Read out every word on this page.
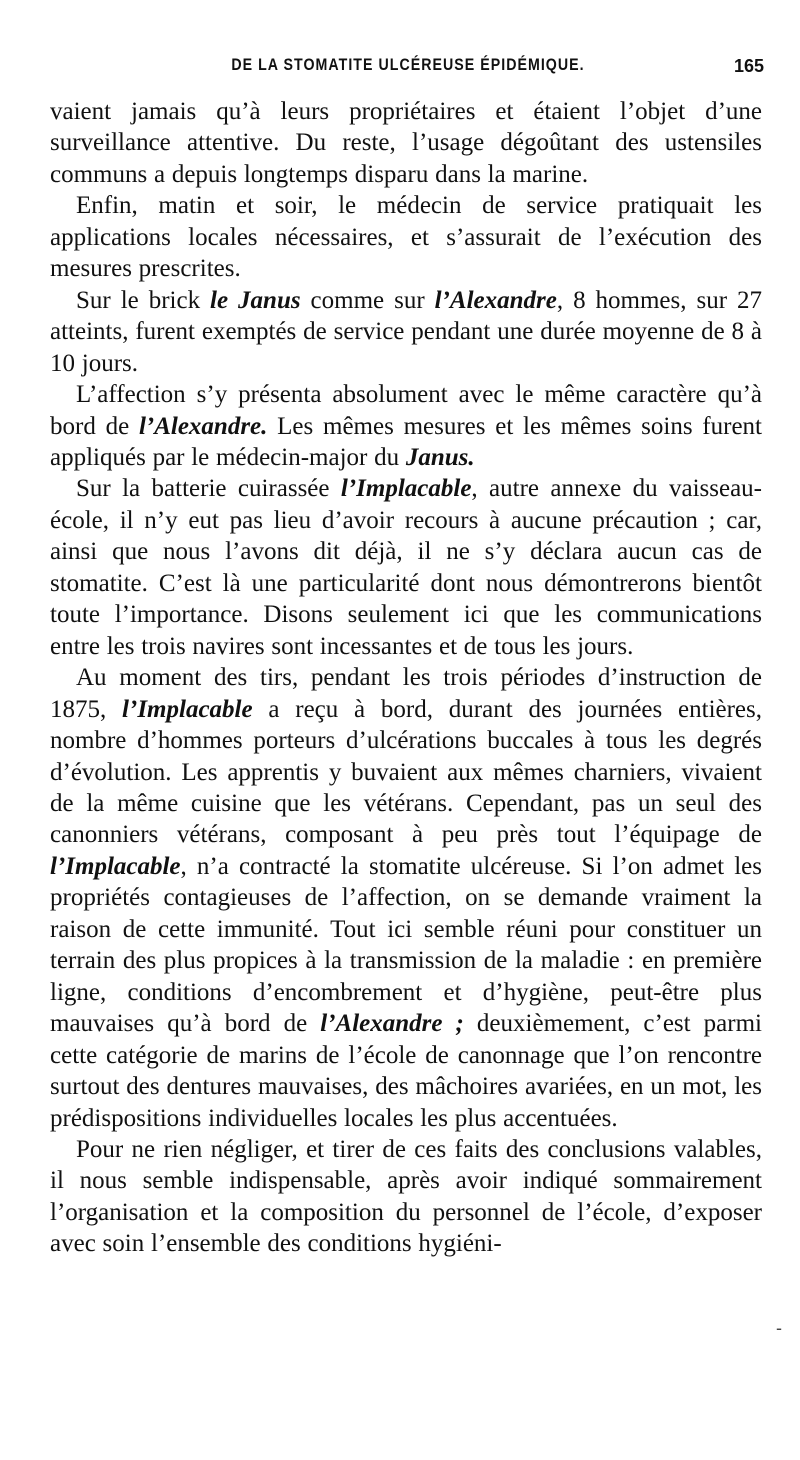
DE LA STOMATITE ULCÉREUSE ÉPIDÉMIQUE.	165

vaient jamais qu’à leurs propriétaires et étaient l’objet d’une surveillance attentive. Du reste, l’usage dégoûtant des ustensiles communs a depuis longtemps disparu dans la marine.

Enfin, matin et soir, le médecin de service pratiquait les applications locales nécessaires, et s’assurait de l’exécution des mesures prescrites.

Sur le brick le Janus comme sur l’Alexandre, 8 hommes, sur 27 atteints, furent exemptés de service pendant une durée moyenne de 8 à 10 jours.

L’affection s’y présenta absolument avec le même caractère qu’à bord de l’Alexandre. Les mêmes mesures et les mêmes soins furent appliqués par le médecin-major du Janus.

Sur la batterie cuirassée l’Implacable, autre annexe du vaisseau-école, il n’y eut pas lieu d’avoir recours à aucune précaution ; car, ainsi que nous l’avons dit déjà, il ne s’y déclara aucun cas de stomatite. C’est là une particularité dont nous démontrerons bientôt toute l’importance. Disons seulement ici que les communications entre les trois navires sont incessantes et de tous les jours.

Au moment des tirs, pendant les trois périodes d’instruction de 1875, l’Implacable a reçu à bord, durant des journées entières, nombre d’hommes porteurs d’ulcérations buccales à tous les degrés d’évolution. Les apprentis y buvaient aux mêmes charniers, vivaient de la même cuisine que les vétérans. Cependant, pas un seul des canonniers vétérans, composant à peu près tout l’équipage de l’Implacable, n’a contracté la stomatite ulcéreuse. Si l’on admet les propriétés contagieuses de l’affection, on se demande vraiment la raison de cette immunité. Tout ici semble réuni pour constituer un terrain des plus propices à la transmission de la maladie : en première ligne, conditions d’encombrement et d’hygiène, peut-être plus mauvaises qu’à bord de l’Alexandre ; deuxièmement, c’est parmi cette catégorie de marins de l’école de canonnage que l’on rencontre surtout des dentures mauvaises, des mâchoires avariées, en un mot, les prédispositions individuelles locales les plus accentuées.

Pour ne rien négliger, et tirer de ces faits des conclusions valables, il nous semble indispensable, après avoir indiqué sommairement l’organisation et la composition du personnel de l’école, d’exposer avec soin l’ensemble des conditions hygiéni-

-
